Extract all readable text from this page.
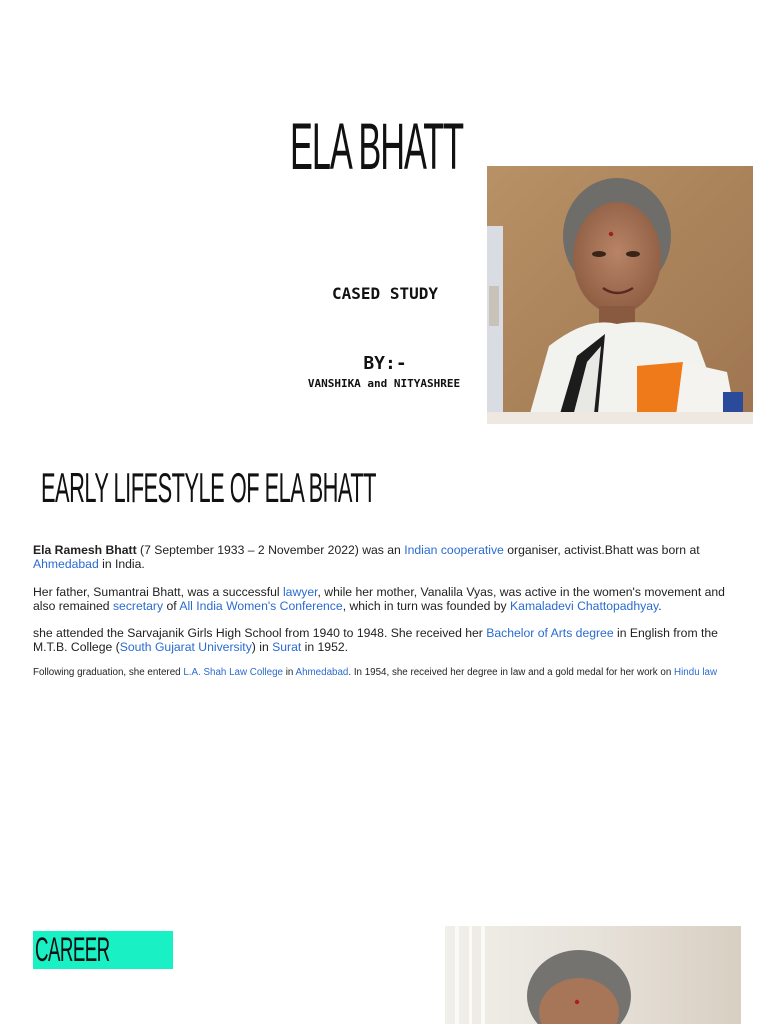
ELA BHATT
CASED STUDY
BY:-
VANSHIKA and NITYASHREE
EARLY LIFESTYLE OF ELA BHATT
Ela Ramesh Bhatt (7 September 1933 – 2 November 2022) was an Indian cooperative organiser, activist.Bhatt was born at Ahmedabad in India.
Her father, Sumantrai Bhatt, was a successful lawyer, while her mother, Vanalila Vyas, was active in the women's movement and also remained secretary of All India Women's Conference, which in turn was founded by Kamaladevi Chattopadhyay.
she attended the Sarvajanik Girls High School from 1940 to 1948. She received her Bachelor of Arts degree in English from the M.T.B. College (South Gujarat University) in Surat in 1952.
Following graduation, she entered L.A. Shah Law College in Ahmedabad. In 1954, she received her degree in law and a gold medal for her work on Hindu law
CAREER
